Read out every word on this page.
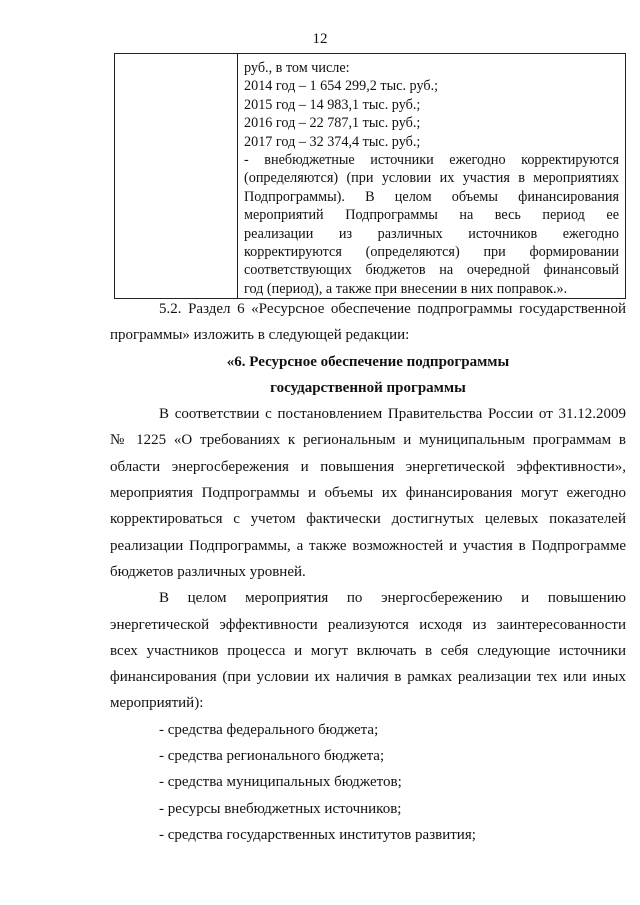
12

руб., в том числе:
2014 год – 1 654 299,2 тыс. руб.;
2015 год – 14 983,1 тыс. руб.;
2016 год – 22 787,1 тыс. руб.;
2017 год – 32 374,4 тыс. руб.;
- внебюджетные источники ежегодно корректируются
(определяются) (при условии их участия в мероприятиях
Подпрограммы). В целом объемы финансирования
мероприятий Подпрограммы на весь период ее
реализации из различных источников ежегодно
корректируются (определяются) при формировании
соответствующих бюджетов на очередной финансовый
год (период), а также при внесении в них поправок.».
5.2. Раздел 6 «Ресурсное обеспечение подпрограммы государственной
программы» изложить в следующей редакции:
«6. Ресурсное обеспечение подпрограммы
государственной программы
В соответствии с постановлением Правительства России от 31.12.2009
№ 1225 «О требованиях к региональным и муниципальным программам в
области энергосбережения и повышения энергетической эффективности»,
мероприятия Подпрограммы и объемы их финансирования могут ежегодно
корректироваться с учетом фактически достигнутых целевых показателей
реализации Подпрограммы, а также возможностей и участия в Подпрограмме
бюджетов различных уровней.
В целом мероприятия по энергосбережению и повышению
энергетической эффективности реализуются исходя из заинтересованности
всех участников процесса и могут включать в себя следующие источники
финансирования (при условии их наличия в рамках реализации тех или иных
мероприятий):
- средства федерального бюджета;
- средства регионального бюджета;
- средства муниципальных бюджетов;
- ресурсы внебюджетных источников;
- средства государственных институтов развития;
